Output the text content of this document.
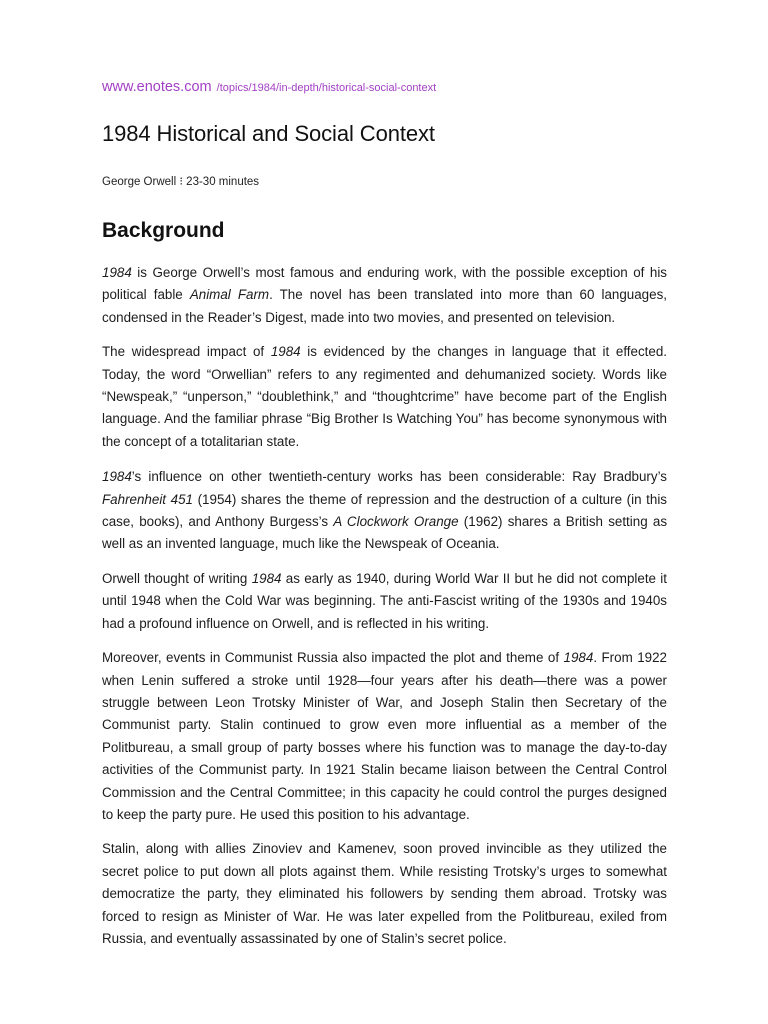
www.enotes.com /topics/1984/in-depth/historical-social-context
1984 Historical and Social Context
George Orwell ⁝ 23-30 minutes
Background

1984 is George Orwell’s most famous and enduring work, with the possible exception of his political fable Animal Farm. The novel has been translated into more than 60 languages, condensed in the Reader’s Digest, made into two movies, and presented on television.

The widespread impact of 1984 is evidenced by the changes in language that it effected. Today, the word “Orwellian” refers to any regimented and dehumanized society. Words like “Newspeak,” “unperson,” “doublethink,” and “thoughtcrime” have become part of the English language. And the familiar phrase “Big Brother Is Watching You” has become synonymous with the concept of a totalitarian state.

1984’s influence on other twentieth-century works has been considerable: Ray Bradbury’s Fahrenheit 451 (1954) shares the theme of repression and the destruction of a culture (in this case, books), and Anthony Burgess’s A Clockwork Orange (1962) shares a British setting as well as an invented language, much like the Newspeak of Oceania.

Orwell thought of writing 1984 as early as 1940, during World War II but he did not complete it until 1948 when the Cold War was beginning. The anti-Fascist writing of the 1930s and 1940s had a profound influence on Orwell, and is reflected in his writing.

Moreover, events in Communist Russia also impacted the plot and theme of 1984. From 1922 when Lenin suffered a stroke until 1928—four years after his death—there was a power struggle between Leon Trotsky Minister of War, and Joseph Stalin then Secretary of the Communist party. Stalin continued to grow even more influential as a member of the Politbureau, a small group of party bosses where his function was to manage the day-to-day activities of the Communist party. In 1921 Stalin became liaison between the Central Control Commission and the Central Committee; in this capacity he could control the purges designed to keep the party pure. He used this position to his advantage.

Stalin, along with allies Zinoviev and Kamenev, soon proved invincible as they utilized the secret police to put down all plots against them. While resisting Trotsky’s urges to somewhat democratize the party, they eliminated his followers by sending them abroad. Trotsky was forced to resign as Minister of War. He was later expelled from the Politbureau, exiled from Russia, and eventually assassinated by one of Stalin’s secret police.
